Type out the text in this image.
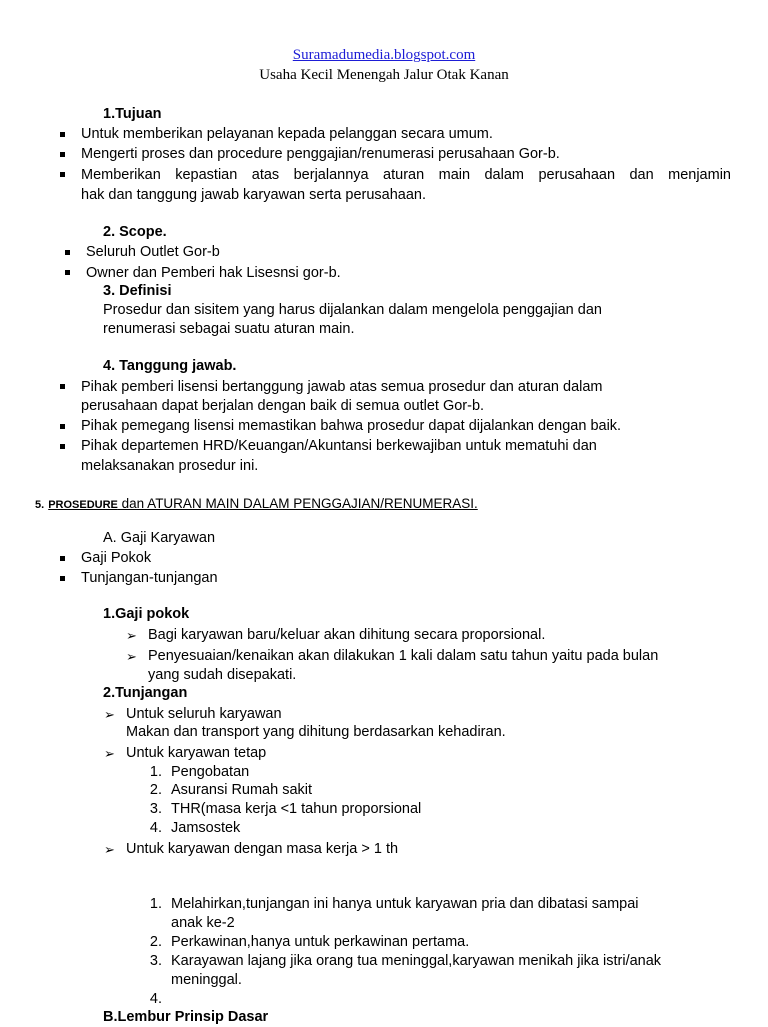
Suramadumedia.blogspot.com
Usaha Kecil Menengah Jalur Otak Kanan
1.Tujuan
Untuk memberikan pelayanan kepada pelanggan secara umum.
Mengerti proses dan procedure penggajian/renumerasi perusahaan Gor-b.
Memberikan kepastian atas berjalannya aturan main dalam perusahaan dan menjamin
hak dan tanggung jawab karyawan serta perusahaan.
2. Scope.
Seluruh Outlet Gor-b
Owner dan Pemberi hak Lisesnsi gor-b.
3. Definisi
Prosedur dan sisitem yang harus dijalankan dalam mengelola penggajian dan
renumerasi sebagai suatu aturan main.
4. Tanggung jawab.
Pihak pemberi lisensi bertanggung jawab atas semua prosedur dan aturan dalam
perusahaan dapat berjalan dengan baik di semua outlet Gor-b.
Pihak pemegang lisensi memastikan bahwa prosedur dapat dijalankan dengan baik.
Pihak departemen HRD/Keuangan/Akuntansi berkewajiban untuk mematuhi dan
melaksanakan prosedur ini.
5. PROSEDURE dan ATURAN MAIN DALAM PENGGAJIAN/RENUMERASI.
A. Gaji Karyawan
Gaji Pokok
Tunjangan-tunjangan
1.Gaji pokok
➢ Bagi karyawan baru/keluar akan dihitung secara proporsional.
➢ Penyesuaian/kenaikan akan dilakukan 1 kali dalam satu tahun yaitu pada bulan
yang sudah disepakati.
2.Tunjangan
➢ Untuk seluruh karyawan
Makan dan transport yang dihitung berdasarkan kehadiran.
➢ Untuk karyawan tetap
1. Pengobatan
2. Asuransi Rumah sakit
3. THR(masa kerja <1 tahun proporsional
4. Jamsostek
➢ Untuk karyawan dengan masa kerja > 1 th
1. Melahirkan,tunjangan ini hanya untuk karyawan pria dan dibatasi sampai
anak ke-2
2. Perkawinan,hanya untuk perkawinan pertama.
3. Karayawan lajang jika orang tua meninggal,karyawan menikah jika istri/anak
meninggal.
4.
B.Lembur Prinsip Dasar
